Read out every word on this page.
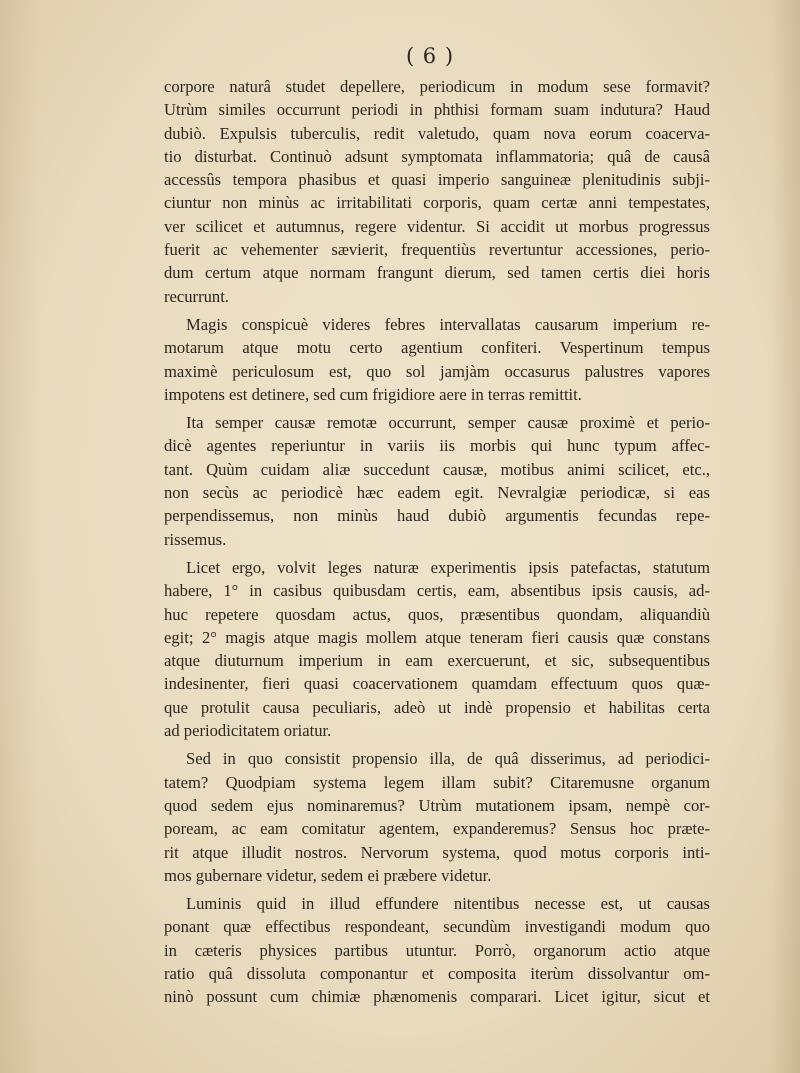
( 6 )
corpore naturâ studet depellere, periodicum in modum sese formavit?
Utrùm similes occurrunt periodi in phthisi formam suam indutura? Haud
dubiò. Expulsis tuberculis, redit valetudo, quam nova eorum coacerva-
tio disturbat. Continuò adsunt symptomata inflammatoria; quâ de causâ
accessûs tempora phasibus et quasi imperio sanguineæ plenitudinis subji-
ciuntur non minùs ac irritabilitati corporis, quam certæ anni tempestates,
ver scilicet et autumnus, regere videntur. Si accidit ut morbus progressus
fuerit ac vehementer sævierit, frequentiùs revertuntur accessiones, perio-
dum certum atque normam frangunt dierum, sed tamen certis diei horis
recurrunt.
Magis conspicuè videres febres intervallatas causarum imperium re-
motarum atque motu certo agentium confiteri. Vespertinum tempus
maximè periculosum est, quo sol jamjàm occasurus palustres vapores
impotens est detinere, sed cum frigidiore aere in terras remittit.
Ita semper causæ remotæ occurrunt, semper causæ proximè et perio-
dicè agentes reperiuntur in variis iis morbis qui hunc typum affec-
tant. Quùm cuidam aliæ succedunt causæ, motibus animi scilicet, etc.,
non secùs ac periodicè hæc eadem egit. Nevralgiæ periodicæ, si eas
perpendissemus, non minùs haud dubiò argumentis fecundas repe-
rissemus.
Licet ergo, volvit leges naturæ experimentis ipsis patefactas, statutum
habere, 1° in casibus quibusdam certis, eam, absentibus ipsis causis, ad-
huc repetere quosdam actus, quos, præsentibus quondam, aliquandiù
egit; 2° magis atque magis mollem atque teneram fieri causis quæ constans
atque diuturnum imperium in eam exercuerunt, et sic, subsequentibus
indesinenter, fieri quasi coacervationem quamdam effectuum quos quæ-
que protulit causa peculiaris, adeò ut indè propensio et habilitas certa
ad periodicitatem oriatur.
Sed in quo consistit propensio illa, de quâ disserimus, ad periodici-
tatem? Quodpiam systema legem illam subit? Citaremusne organum
quod sedem ejus nominaremus? Utrùm mutationem ipsam, nempè cor-
poream, ac eam comitatur agentem, expanderemus? Sensus hoc præte-
rit atque illudit nostros. Nervorum systema, quod motus corporis inti-
mos gubernare videtur, sedem ei præbere videtur.
Luminis quid in illud effundere nitentibus necesse est, ut causas
ponant quæ effectibus respondeant, secundùm investigandi modum quo
in cæteris physices partibus utuntur. Porrò, organorum actio atque
ratio quâ dissoluta componantur et composita iterùm dissolvantur om-
ninò possunt cum chimiæ phænomenis comparari. Licet igitur, sicut et
